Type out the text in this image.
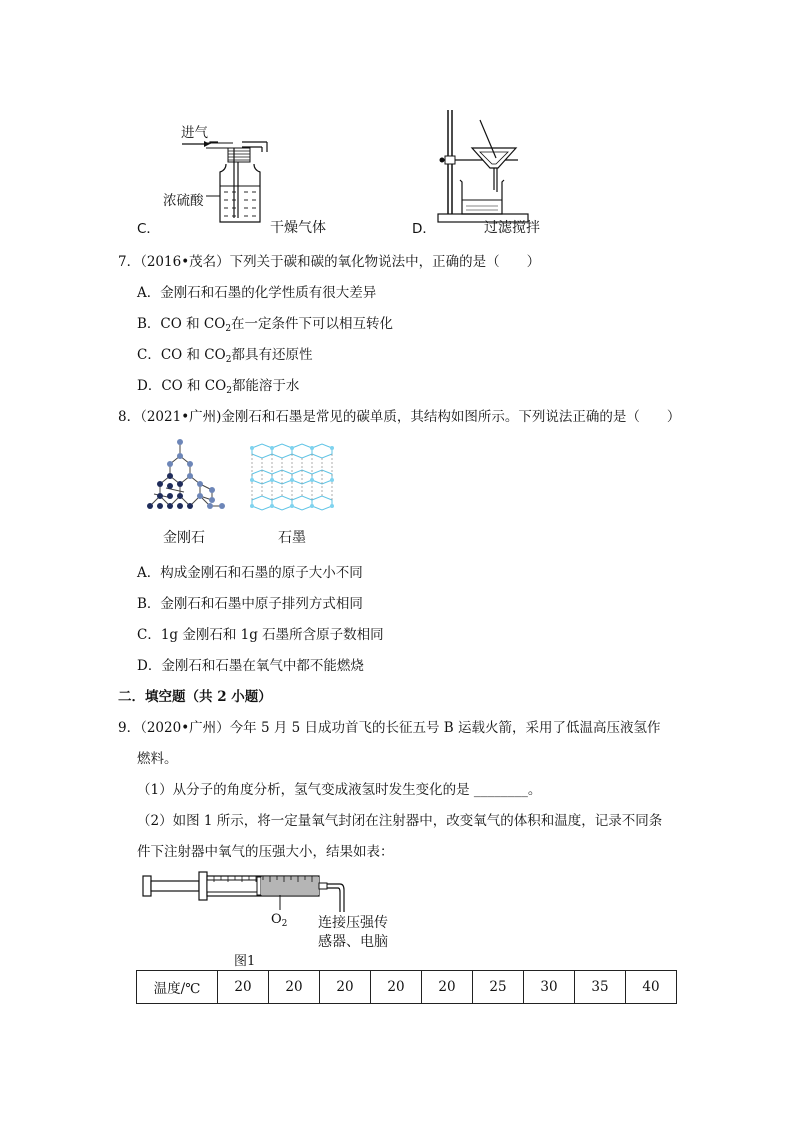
进气
浓硫酸
C．	干燥气体	D．	过滤搅拌
7．（2016•茂名）下列关于碳和碳的氧化物说法中，正确的是（　　）
A．金刚石和石墨的化学性质有很大差异
B．CO 和 $CO_2$在一定条件下可以相互转化
C．CO 和 $CO_2$都具有还原性
D．CO 和 $CO_2$都能溶于水
8．（2021•广州)金刚石和石墨是常见的碳单质，其结构如图所示。下列说法正确的是（　　）
金刚石	石墨
A．构成金刚石和石墨的原子大小不同
B．金刚石和石墨中原子排列方式相同
C．1g 金刚石和 1g 石墨所含原子数相同
D．金刚石和石墨在氧气中都不能燃烧
二．填空题（共 2 小题）
9．（2020•广州）今年 5 月 5 日成功首飞的长征五号 B 运载火箭，采用了低温高压液氢作
燃料。
（1）从分子的角度分析，氢气变成液氢时发生变化的是 ________。
（2）如图 1 所示，将一定量氧气封闭在注射器中，改变氧气的体积和温度，记录不同条
件下注射器中氧气的压强大小，结果如表：
$O_2$ 连接压强传
感器、电脑
图1
温度/℃	20	20	20	20	20	25	30	35	40
